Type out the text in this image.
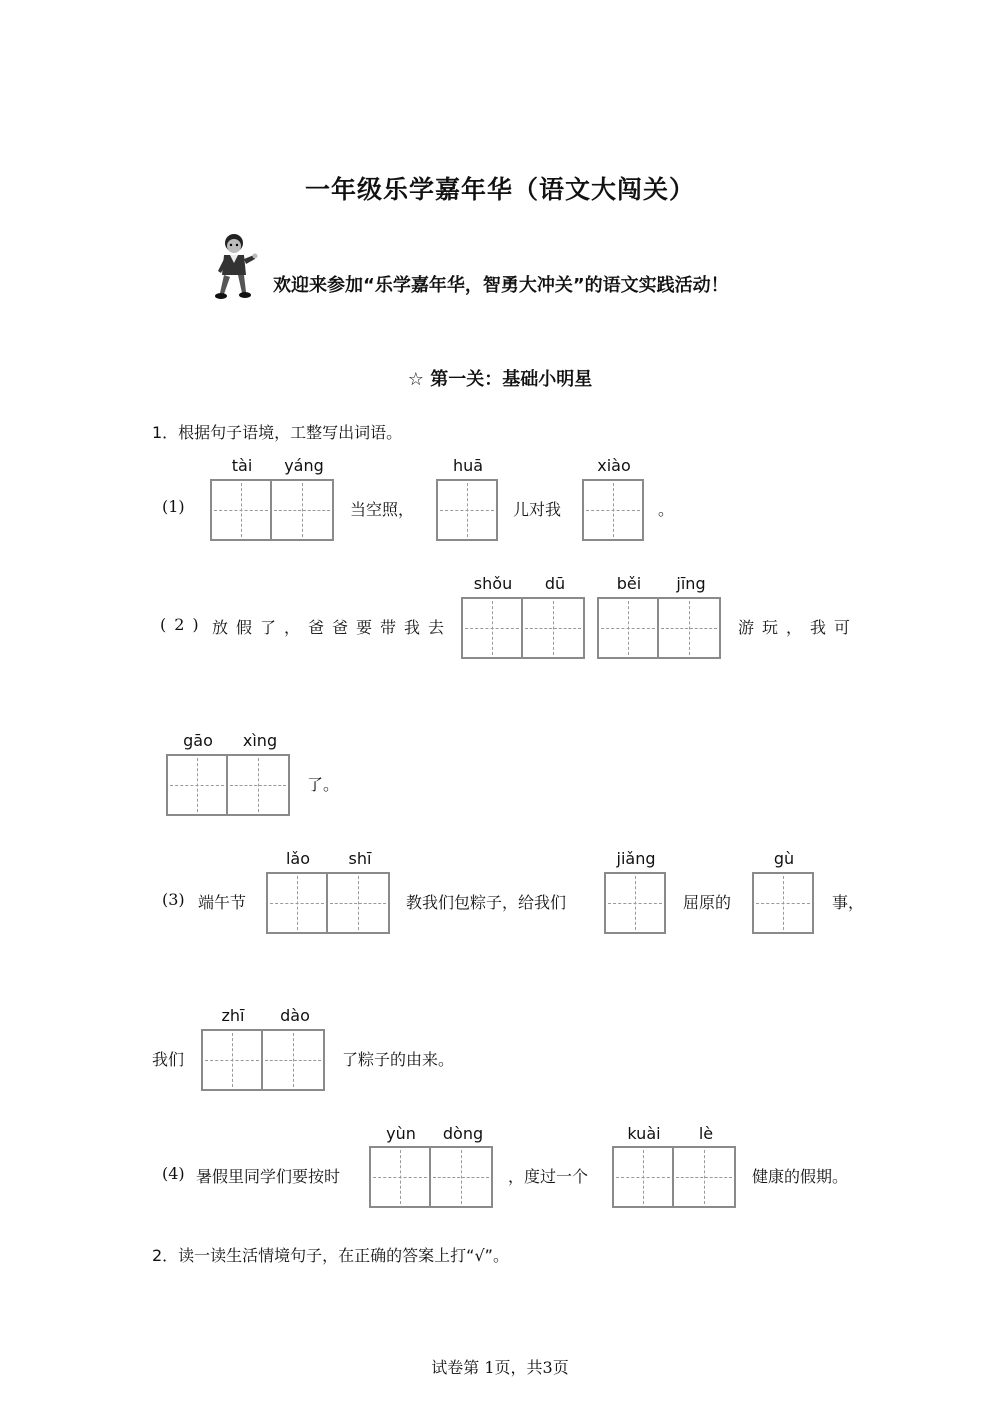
一年级乐学嘉年华（语文大闯关）
欢迎来参加“乐学嘉年华，智勇大冲关”的语文实践活动！
☆ 第一关：基础小明星
1．根据句子语境，工整写出词语。
(1)
tài	yáng
当空照，
huā
儿对我
xiào
。
(2) 放假了，爸爸要带我去
shǒu	dū	běi	jīng
游玩，我可
gāo	xìng
了。
(3) 端午节
lǎo	shī
教我们包粽子，给我们
jiǎng
屈原的
gù
事，
我们
zhī	dào
了粽子的由来。
(4) 暑假里同学们要按时
yùn	dòng
，度过一个
kuài	lè
健康的假期。
2．读一读生活情境句子，在正确的答案上打“√”。
试卷第 1页，共3页
